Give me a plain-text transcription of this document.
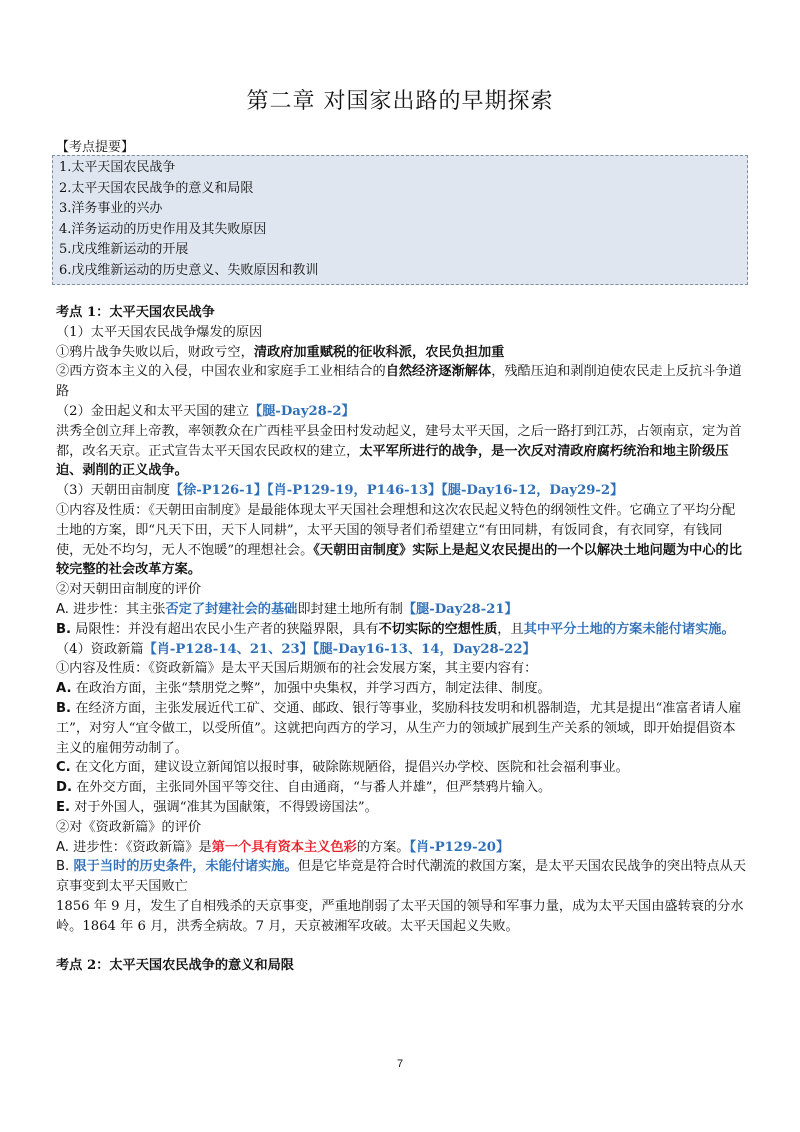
第二章 对国家出路的早期探索
【考点提要】
1.太平天国农民战争
2.太平天国农民战争的意义和局限
3.洋务事业的兴办
4.洋务运动的历史作用及其失败原因
5.戊戌维新运动的开展
6.戊戌维新运动的历史意义、失败原因和教训

考点 1：太平天国农民战争

（1）太平天国农民战争爆发的原因

①鸦片战争失败以后，财政亏空，清政府加重赋税的征收科派，农民负担加重

②西方资本主义的入侵，中国农业和家庭手工业相结合的自然经济逐渐解体，残酷压迫和剥削迫使农民走上反抗斗争道路

（2）金田起义和太平天国的建立【腿-Day28-2】

洪秀全创立拜上帝教，率领教众在广西桂平县金田村发动起义，建号太平天国，之后一路打到江苏，占领南京，定为首都，改名天京。正式宣告太平天国农民政权的建立，太平军所进行的战争，是一次反对清政府腐朽统治和地主阶级压迫、剥削的正义战争。

（3）天朝田亩制度【徐-P126-1】【肖-P129-19，P146-13】【腿-Day16-12，Day29-2】

①内容及性质：《天朝田亩制度》是最能体现太平天国社会理想和这次农民起义特色的纲领性文件。它确立了平均分配土地的方案，即“凡天下田，天下人同耕”，太平天国的领导者们希望建立“有田同耕，有饭同食，有衣同穿，有钱同使，无处不均匀，无人不饱暖”的理想社会。《天朝田亩制度》实际上是起义农民提出的一个以解决土地问题为中心的比较完整的社会改革方案。

②对天朝田亩制度的评价

A. 进步性：其主张否定了封建社会的基础即封建土地所有制【腿-Day28-21】

B. 局限性：并没有超出农民小生产者的狭隘界限，具有不切实际的空想性质，且其中平分土地的方案未能付诸实施。

（4）资政新篇【肖-P128-14、21、23】【腿-Day16-13、14，Day28-22】

①内容及性质：《资政新篇》是太平天国后期颁布的社会发展方案，其主要内容有：

A. 在政治方面，主张“禁朋党之弊”，加强中央集权，并学习西方，制定法律、制度。

B. 在经济方面，主张发展近代工矿、交通、邮政、银行等事业，奖励科技发明和机器制造，尤其是提出“准富者请人雇工”，对穷人“宜令做工，以受所值”。这就把向西方的学习，从生产力的领域扩展到生产关系的领域，即开始提倡资本主义的雇佣劳动制了。

C. 在文化方面，建议设立新闻馆以报时事，破除陈规陋俗，提倡兴办学校、医院和社会福利事业。

D. 在外交方面，主张同外国平等交往、自由通商，“与番人并雄”，但严禁鸦片输入。

E. 对于外国人，强调“准其为国献策，不得毁谤国法”。

②对《资政新篇》的评价

A. 进步性：《资政新篇》是第一个具有资本主义色彩的方案。【肖-P129-20】

B. 限于当时的历史条件，未能付诸实施。但是它毕竟是符合时代潮流的救国方案，是太平天国农民战争的突出特点从天京事变到太平天国败亡

1856 年 9 月，发生了自相残杀的天京事变，严重地削弱了太平天国的领导和军事力量，成为太平天国由盛转衰的分水岭。1864 年 6 月，洪秀全病故。7 月，天京被湘军攻破。太平天国起义失败。

考点 2：太平天国农民战争的意义和局限

7
